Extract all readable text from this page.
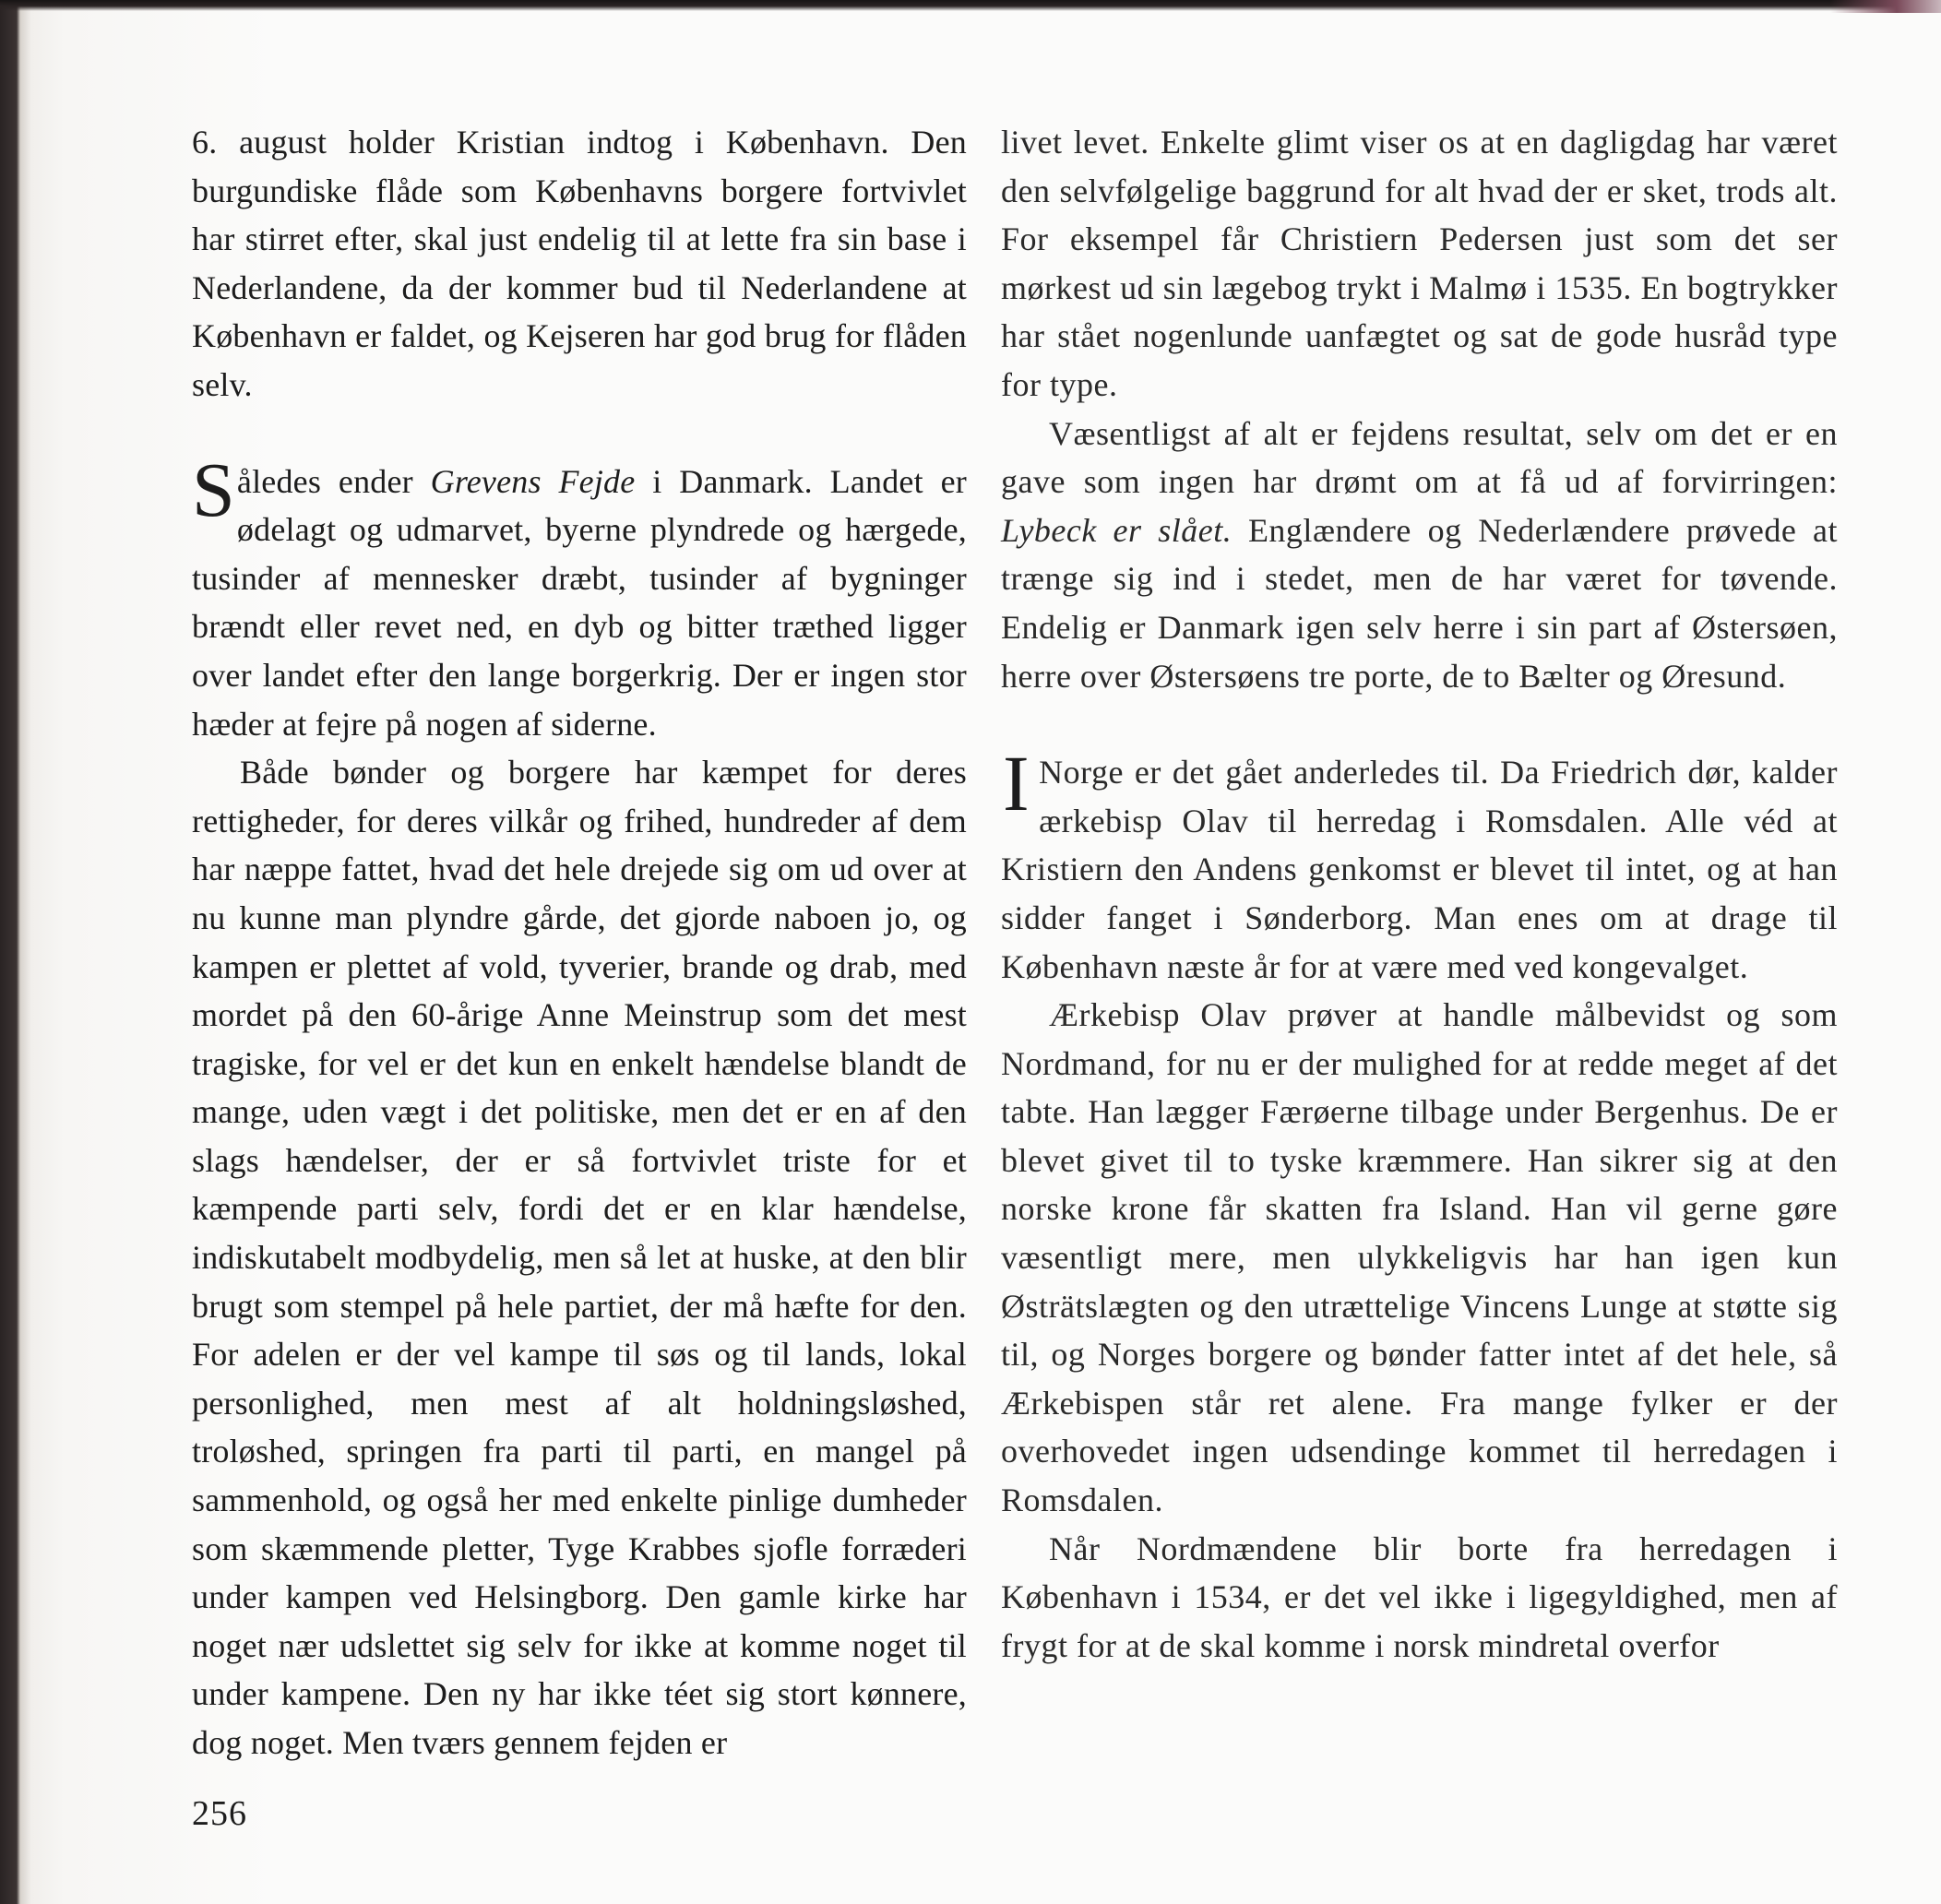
6. august holder Kristian indtog i København. Den burgundiske flåde som Københavns borgere fortvivlet har stirret efter, skal just endelig til at lette fra sin base i Nederlandene, da der kommer bud til Nederlandene at København er faldet, og Kejseren har god brug for flåden selv.

Således ender Grevens Fejde i Danmark. Landet er ødelagt og udmarvet, byerne plyndrede og hærgede, tusinder af mennesker dræbt, tusinder af bygninger brændt eller revet ned, en dyb og bitter træthed ligger over landet efter den lange borgerkrig. Der er ingen stor hæder at fejre på nogen af siderne.

Både bønder og borgere har kæmpet for deres rettigheder, for deres vilkår og frihed, hundreder af dem har næppe fattet, hvad det hele drejede sig om ud over at nu kunne man plyndre gårde, det gjorde naboen jo, og kampen er plettet af vold, tyverier, brande og drab, med mordet på den 60-årige Anne Meinstrup som det mest tragiske, for vel er det kun en enkelt hændelse blandt de mange, uden vægt i det politiske, men det er en af den slags hændelser, der er så fortvivlet triste for et kæmpende parti selv, fordi det er en klar hændelse, indiskutabelt modbydelig, men så let at huske, at den blir brugt som stempel på hele partiet, der må hæfte for den. For adelen er der vel kampe til søs og til lands, lokal personlighed, men mest af alt holdningsløshed, troløshed, springen fra parti til parti, en mangel på sammenhold, og også her med enkelte pinlige dumheder som skæmmende pletter, Tyge Krabbes sjofle forræderi under kampen ved Helsingborg. Den gamle kirke har noget nær udslettet sig selv for ikke at komme noget til under kampene. Den ny har ikke téet sig stort kønnere, dog noget. Men tværs gennem fejden er

livet levet. Enkelte glimt viser os at en dagligdag har været den selvfølgelige baggrund for alt hvad der er sket, trods alt. For eksempel får Christiern Pedersen just som det ser mørkest ud sin lægebog trykt i Malmø i 1535. En bogtrykker har stået nogenlunde uanfægtet og sat de gode husråd type for type.

Væsentligst af alt er fejdens resultat, selv om det er en gave som ingen har drømt om at få ud af forvirringen: Lybeck er slået. Englændere og Nederlændere prøvede at trænge sig ind i stedet, men de har været for tøvende. Endelig er Danmark igen selv herre i sin part af Østersøen, herre over Østersøens tre porte, de to Bælter og Øresund.

I Norge er det gået anderledes til. Da Friedrich dør, kalder ærkebisp Olav til herredag i Romsdalen. Alle véd at Kristiern den Andens genkomst er blevet til intet, og at han sidder fanget i Sønderborg. Man enes om at drage til København næste år for at være med ved kongevalget.

Ærkebisp Olav prøver at handle målbevidst og som Nordmand, for nu er der mulighed for at redde meget af det tabte. Han lægger Færøerne tilbage under Bergenhus. De er blevet givet til to tyske kræmmere. Han sikrer sig at den norske krone får skatten fra Island. Han vil gerne gøre væsentligt mere, men ulykkeligvis har han igen kun Østrätslægten og den utrættelige Vincens Lunge at støtte sig til, og Norges borgere og bønder fatter intet af det hele, så Ærkebispen står ret alene. Fra mange fylker er der overhovedet ingen udsendinge kommet til herredagen i Romsdalen.

Når Nordmændene blir borte fra herredagen i København i 1534, er det vel ikke i ligegyldighed, men af frygt for at de skal komme i norsk mindretal overfor

256
